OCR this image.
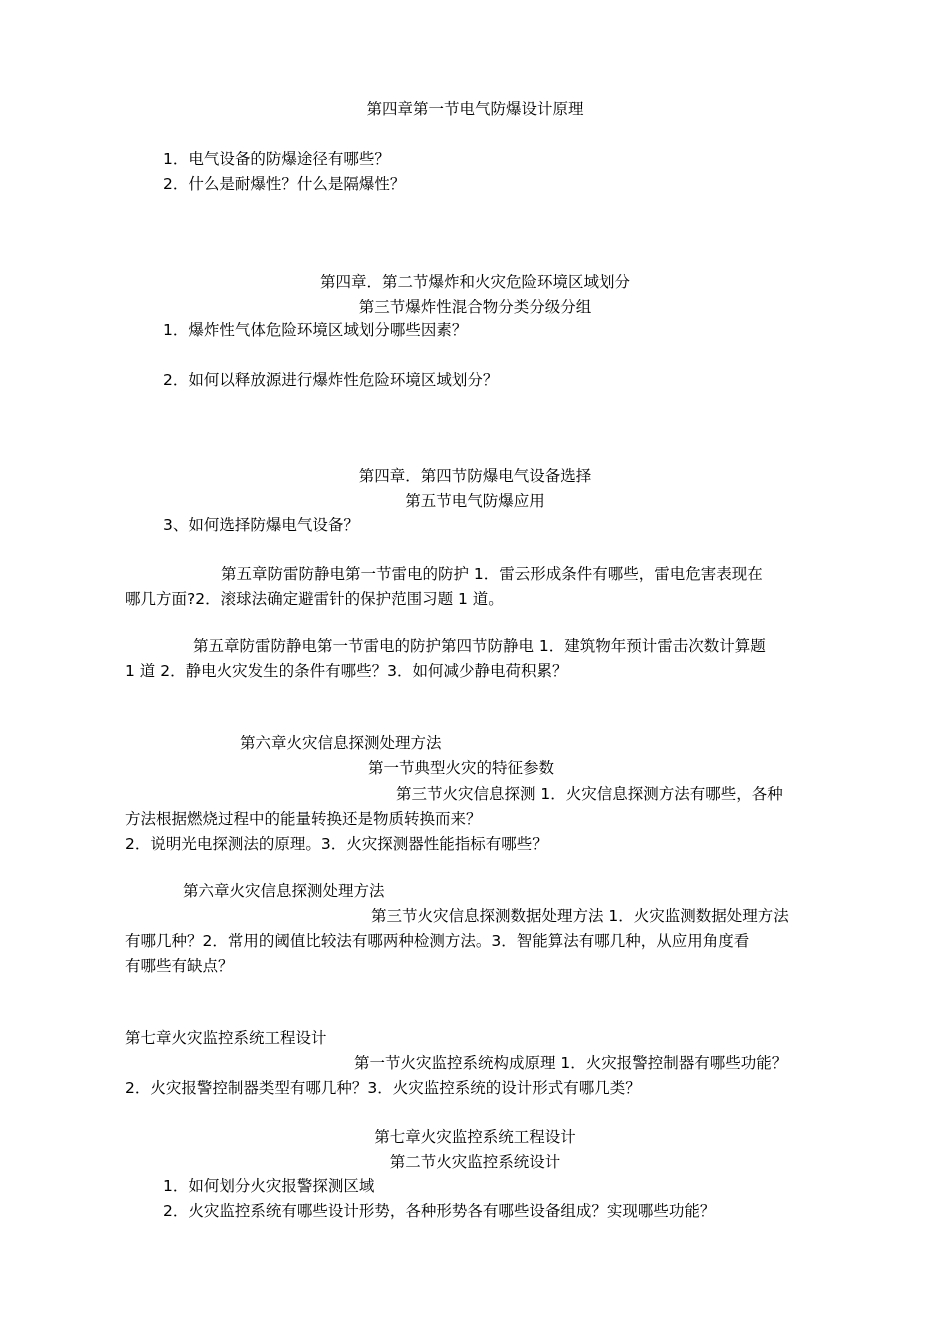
第四章第一节电气防爆设计原理
1．电气设备的防爆途径有哪些？
2．什么是耐爆性？什么是隔爆性？
第四章．第二节爆炸和火灾危险环境区域划分
第三节爆炸性混合物分类分级分组
1．爆炸性气体危险环境区域划分哪些因素？
2．如何以释放源进行爆炸性危险环境区域划分？
第四章．第四节防爆电气设备选择
第五节电气防爆应用
3、如何选择防爆电气设备？
第五章防雷防静电第一节雷电的防护 1．雷云形成条件有哪些，雷电危害表现在
哪几方面?2．滚球法确定避雷针的保护范围习题 1 道。
第五章防雷防静电第一节雷电的防护第四节防静电 1．建筑物年预计雷击次数计算题
1 道 2．静电火灾发生的条件有哪些？3．如何减少静电荷积累？
第六章火灾信息探测处理方法
第一节典型火灾的特征参数
第三节火灾信息探测 1．火灾信息探测方法有哪些，各种
方法根据燃烧过程中的能量转换还是物质转换而来？
2．说明光电探测法的原理。3．火灾探测器性能指标有哪些？
第六章火灾信息探测处理方法
第三节火灾信息探测数据处理方法 1．火灾监测数据处理方法
有哪几种？2．常用的阈值比较法有哪两种检测方法。3．智能算法有哪几种，从应用角度看
有哪些有缺点？
第七章火灾监控系统工程设计
第一节火灾监控系统构成原理 1．火灾报警控制器有哪些功能？
2．火灾报警控制器类型有哪几种？3．火灾监控系统的设计形式有哪几类？
第七章火灾监控系统工程设计
第二节火灾监控系统设计
1．如何划分火灾报警探测区域
2．火灾监控系统有哪些设计形势，各种形势各有哪些设备组成？实现哪些功能？
